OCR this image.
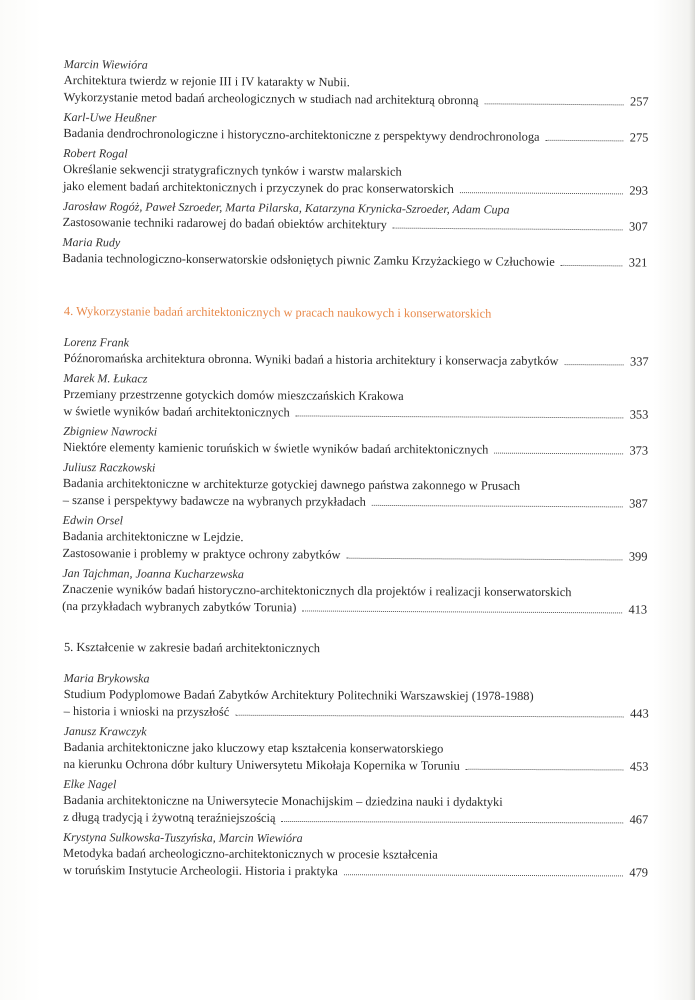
Marcin Wiewióra
Architektura twierdz w rejonie III i IV katarakty w Nubii.
Wykorzystanie metod badań archeologicznych w studiach nad architekturą obronną	257
Karl-Uwe Heußner
Badania dendrochronologiczne i historyczno-architektoniczne z perspektywy dendrochronologa	275
Robert Rogal
Określanie sekwencji stratygraficznych tynków i warstw malarskich
jako element badań architektonicznych i przyczynek do prac konserwatorskich	293
Jarosław Rogóż, Paweł Szroeder, Marta Pilarska, Katarzyna Krynicka-Szroeder, Adam Cupa
Zastosowanie techniki radarowej do badań obiektów architektury	307
Maria Rudy
Badania technologiczno-konserwatorskie odsłoniętych piwnic Zamku Krzyżackiego w Człuchowie	321
4. Wykorzystanie badań architektonicznych w pracach naukowych i konserwatorskich
Lorenz Frank
Późnoromańska architektura obronna. Wyniki badań a historia architektury i konserwacja zabytków	337
Marek M. Łukacz
Przemiany przestrzenne gotyckich domów mieszczańskich Krakowa
w świetle wyników badań architektonicznych	353
Zbigniew Nawrocki
Niektóre elementy kamienic toruńskich w świetle wyników badań architektonicznych	373
Juliusz Raczkowski
Badania architektoniczne w architekturze gotyckiej dawnego państwa zakonnego w Prusach
– szanse i perspektywy badawcze na wybranych przykładach	387
Edwin Orsel
Badania architektoniczne w Lejdzie.
Zastosowanie i problemy w praktyce ochrony zabytków	399
Jan Tajchman, Joanna Kucharzewska
Znaczenie wyników badań historyczno-architektonicznych dla projektów i realizacji konserwatorskich
(na przykładach wybranych zabytków Torunia)	413
5. Kształcenie w zakresie badań architektonicznych
Maria Brykowska
Studium Podyplomowe Badań Zabytków Architektury Politechniki Warszawskiej (1978-1988)
– historia i wnioski na przyszłość	443
Janusz Krawczyk
Badania architektoniczne jako kluczowy etap kształcenia konserwatorskiego
na kierunku Ochrona dóbr kultury Uniwersytetu Mikołaja Kopernika w Toruniu	453
Elke Nagel
Badania architektoniczne na Uniwersytecie Monachijskim – dziedzina nauki i dydaktyki
z długą tradycją i żywotną teraźniejszością	467
Krystyna Sulkowska-Tuszyńska, Marcin Wiewióra
Metodyka badań archeologiczno-architektonicznych w procesie kształcenia
w toruńskim Instytucie Archeologii. Historia i praktyka	479
